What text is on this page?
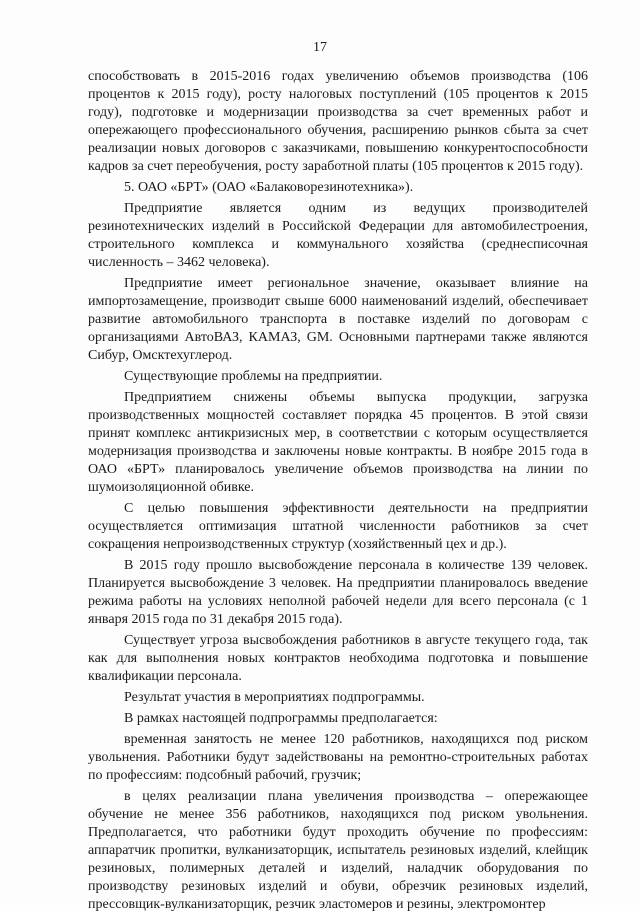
17

способствовать в 2015-2016 годах увеличению объемов производства (106 процентов к 2015 году), росту налоговых поступлений (105 процентов к 2015 году), подготовке и модернизации производства за счет временных работ и опережающего профессионального обучения, расширению рынков сбыта за счет реализации новых договоров с заказчиками, повышению конкурентоспособности кадров за счет переобучения, росту заработной платы (105 процентов к 2015 году).

5. ОАО «БРТ» (ОАО «Балаковорезинотехника»).

Предприятие является одним из ведущих производителей резинотехнических изделий в Российской Федерации для автомобилестроения, строительного комплекса и коммунального хозяйства (среднесписочная численность – 3462 человека).

Предприятие имеет региональное значение, оказывает влияние на импортозамещение, производит свыше 6000 наименований изделий, обеспечивает развитие автомобильного транспорта в поставке изделий по договорам с организациями АвтоВАЗ, КАМАЗ, GM. Основными партнерами также являются Сибур, Омсктехуглерод.

Существующие проблемы на предприятии.

Предприятием снижены объемы выпуска продукции, загрузка производственных мощностей составляет порядка 45 процентов. В этой связи принят комплекс антикризисных мер, в соответствии с которым осуществляется модернизация производства и заключены новые контракты. В ноябре 2015 года в ОАО «БРТ» планировалось увеличение объемов производства на линии по шумоизоляционной обивке.

С целью повышения эффективности деятельности на предприятии осуществляется оптимизация штатной численности работников за счет сокращения непроизводственных структур (хозяйственный цех и др.).

В 2015 году прошло высвобождение персонала в количестве 139 человек. Планируется высвобождение 3 человек. На предприятии планировалось введение режима работы на условиях неполной рабочей недели для всего персонала (с 1 января 2015 года по 31 декабря 2015 года).

Существует угроза высвобождения работников в августе текущего года, так как для выполнения новых контрактов необходима подготовка и повышение квалификации персонала.

Результат участия в мероприятиях подпрограммы.

В рамках настоящей подпрограммы предполагается:

временная занятость не менее 120 работников, находящихся под риском увольнения. Работники будут задействованы на ремонтно-строительных работах по профессиям: подсобный рабочий, грузчик;

в целях реализации плана увеличения производства – опережающее обучение не менее 356 работников, находящихся под риском увольнения. Предполагается, что работники будут проходить обучение по профессиям: аппаратчик пропитки, вулканизаторщик, испытатель резиновых изделий, клейщик резиновых, полимерных деталей и изделий, наладчик оборудования по производству резиновых изделий и обуви, обрезчик резиновых изделий, прессовщик-вулканизаторщик, резчик эластомеров и резины, электромонтер
